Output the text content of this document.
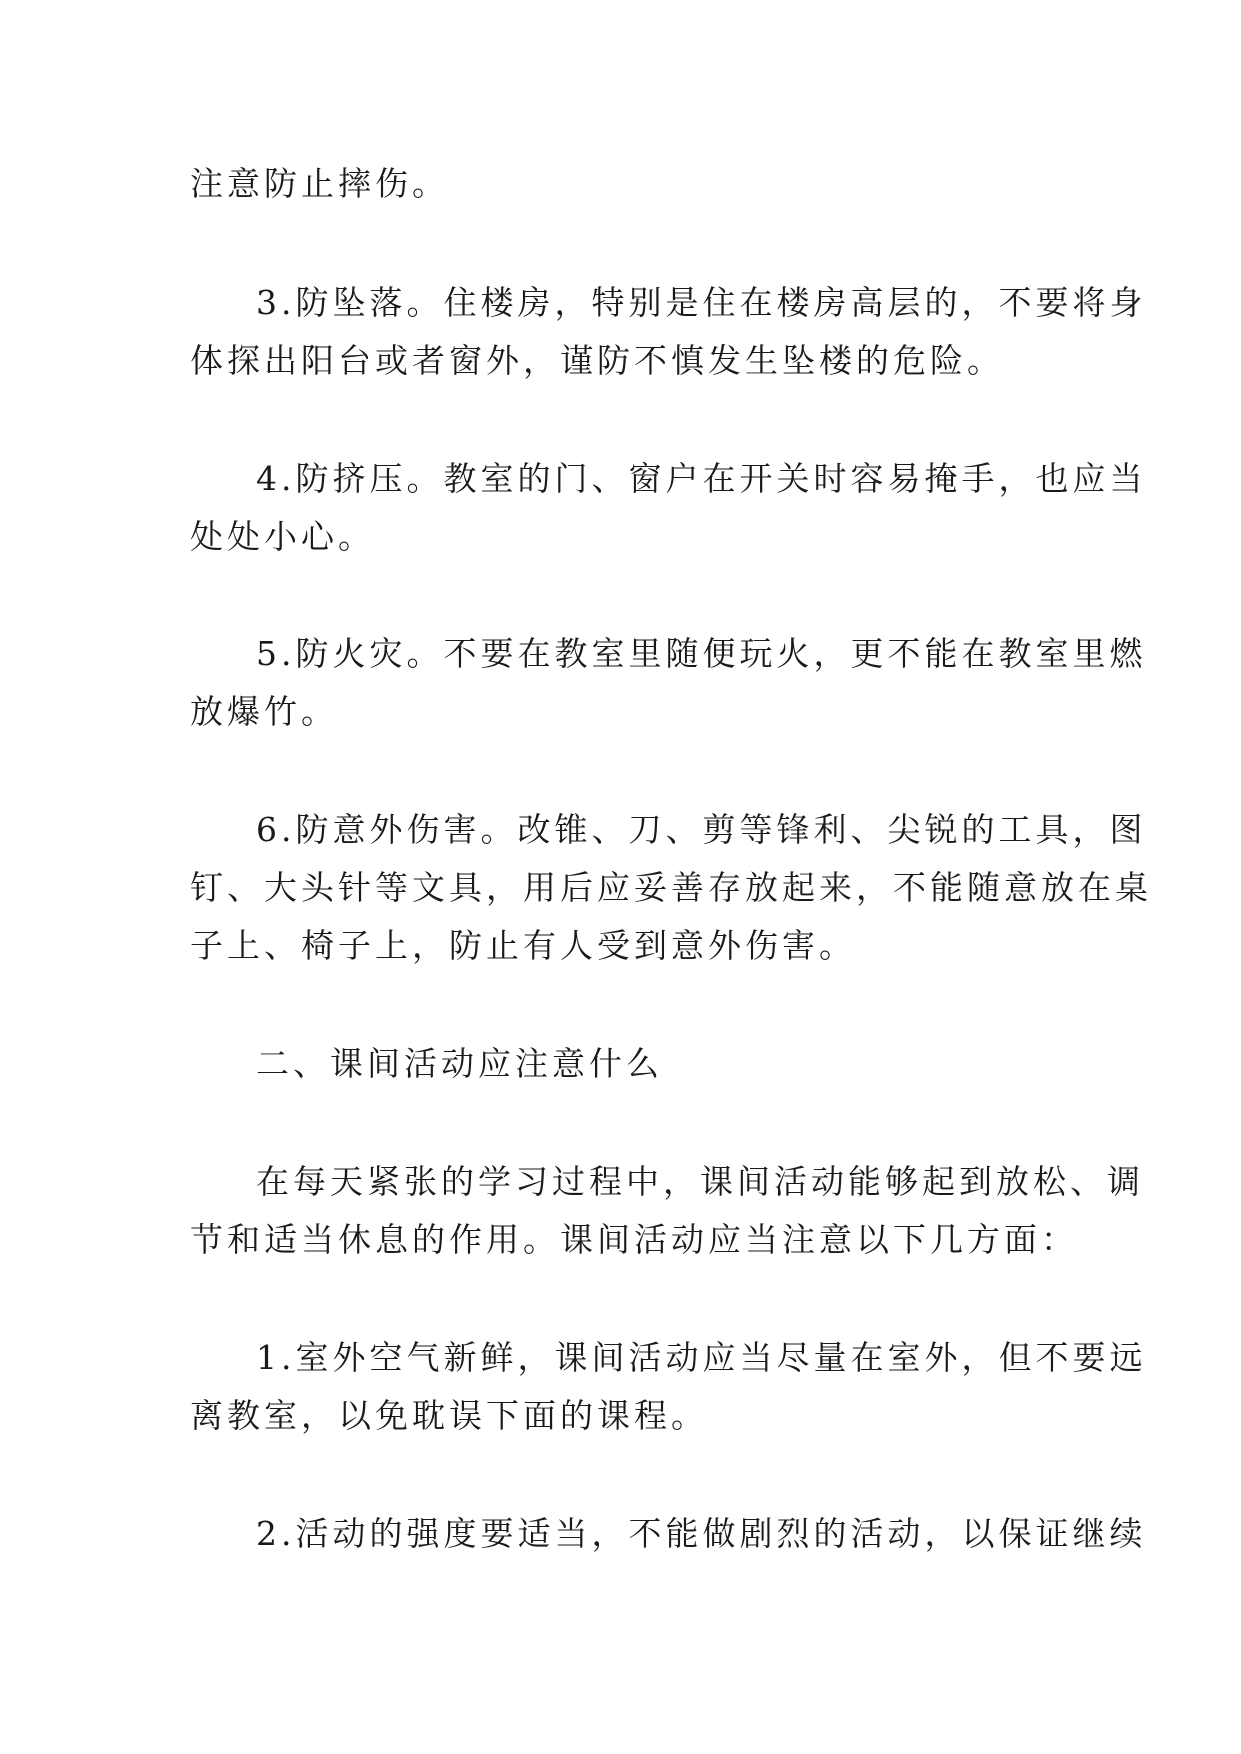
注意防止摔伤。
3.防坠落。住楼房，特别是住在楼房高层的，不要将身
体探出阳台或者窗外，谨防不慎发生坠楼的危险。
4.防挤压。教室的门、窗户在开关时容易掩手，也应当
处处小心。
5.防火灾。不要在教室里随便玩火，更不能在教室里燃
放爆竹。
6.防意外伤害。改锥、刀、剪等锋利、尖锐的工具，图
钉、大头针等文具，用后应妥善存放起来，不能随意放在桌
子上、椅子上，防止有人受到意外伤害。
二、课间活动应注意什么
在每天紧张的学习过程中，课间活动能够起到放松、调
节和适当休息的作用。课间活动应当注意以下几方面：
1.室外空气新鲜，课间活动应当尽量在室外，但不要远
离教室，以免耽误下面的课程。
2.活动的强度要适当，不能做剧烈的活动，以保证继续
